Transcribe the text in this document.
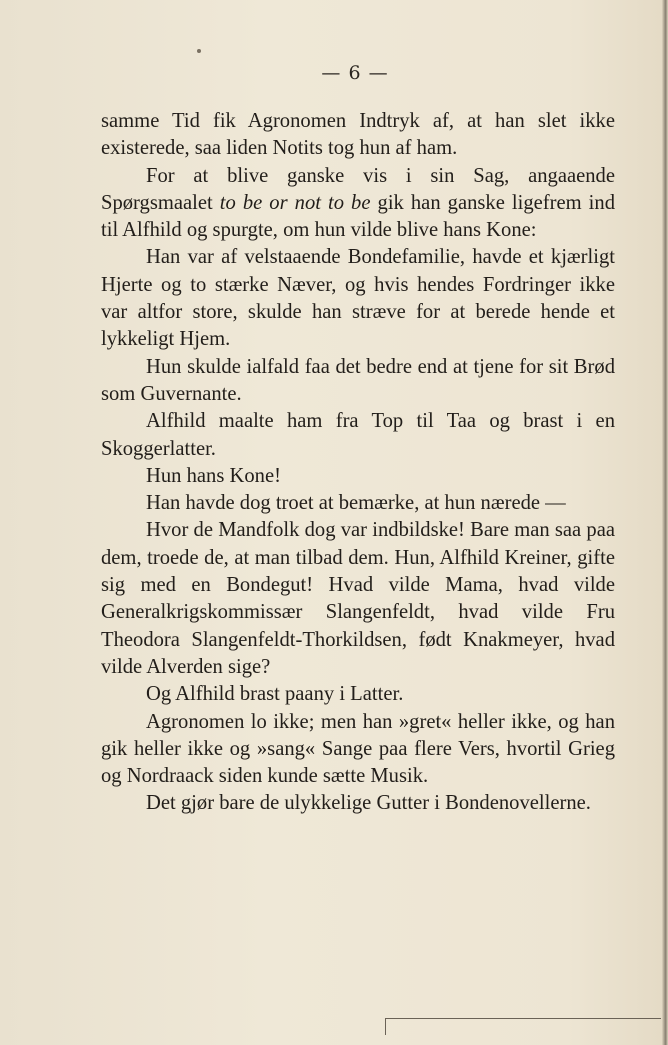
— 6 —

samme Tid fik Agronomen Indtryk af, at han slet ikke existerede, saa liden Notits tog hun af ham.

For at blive ganske vis i sin Sag, angaaende Spørgsmaalet to be or not to be gik han ganske ligefrem ind til Alfhild og spurgte, om hun vilde blive hans Kone:

Han var af velstaaende Bondefamilie, havde et kjærligt Hjerte og to stærke Næver, og hvis hendes Fordringer ikke var altfor store, skulde han stræve for at berede hende et lykkeligt Hjem.

Hun skulde ialfald faa det bedre end at tjene for sit Brød som Guvernante.

Alfhild maalte ham fra Top til Taa og brast i en Skoggerlatter.

Hun hans Kone!

Han havde dog troet at bemærke, at hun nærede —

Hvor de Mandfolk dog var indbildske! Bare man saa paa dem, troede de, at man tilbad dem. Hun, Alfhild Kreiner, gifte sig med en Bondegut! Hvad vilde Mama, hvad vilde Generalkrigskommissær Slangenfeldt, hvad vilde Fru Theodora Slangenfeldt-Thorkildsen, født Knakmeyer, hvad vilde Alverden sige?

Og Alfhild brast paany i Latter.

Agronomen lo ikke; men han »gret« heller ikke, og han gik heller ikke og »sang« Sange paa flere Vers, hvortil Grieg og Nordraack siden kunde sætte Musik.

Det gjør bare de ulykkelige Gutter i Bondenovellerne.
